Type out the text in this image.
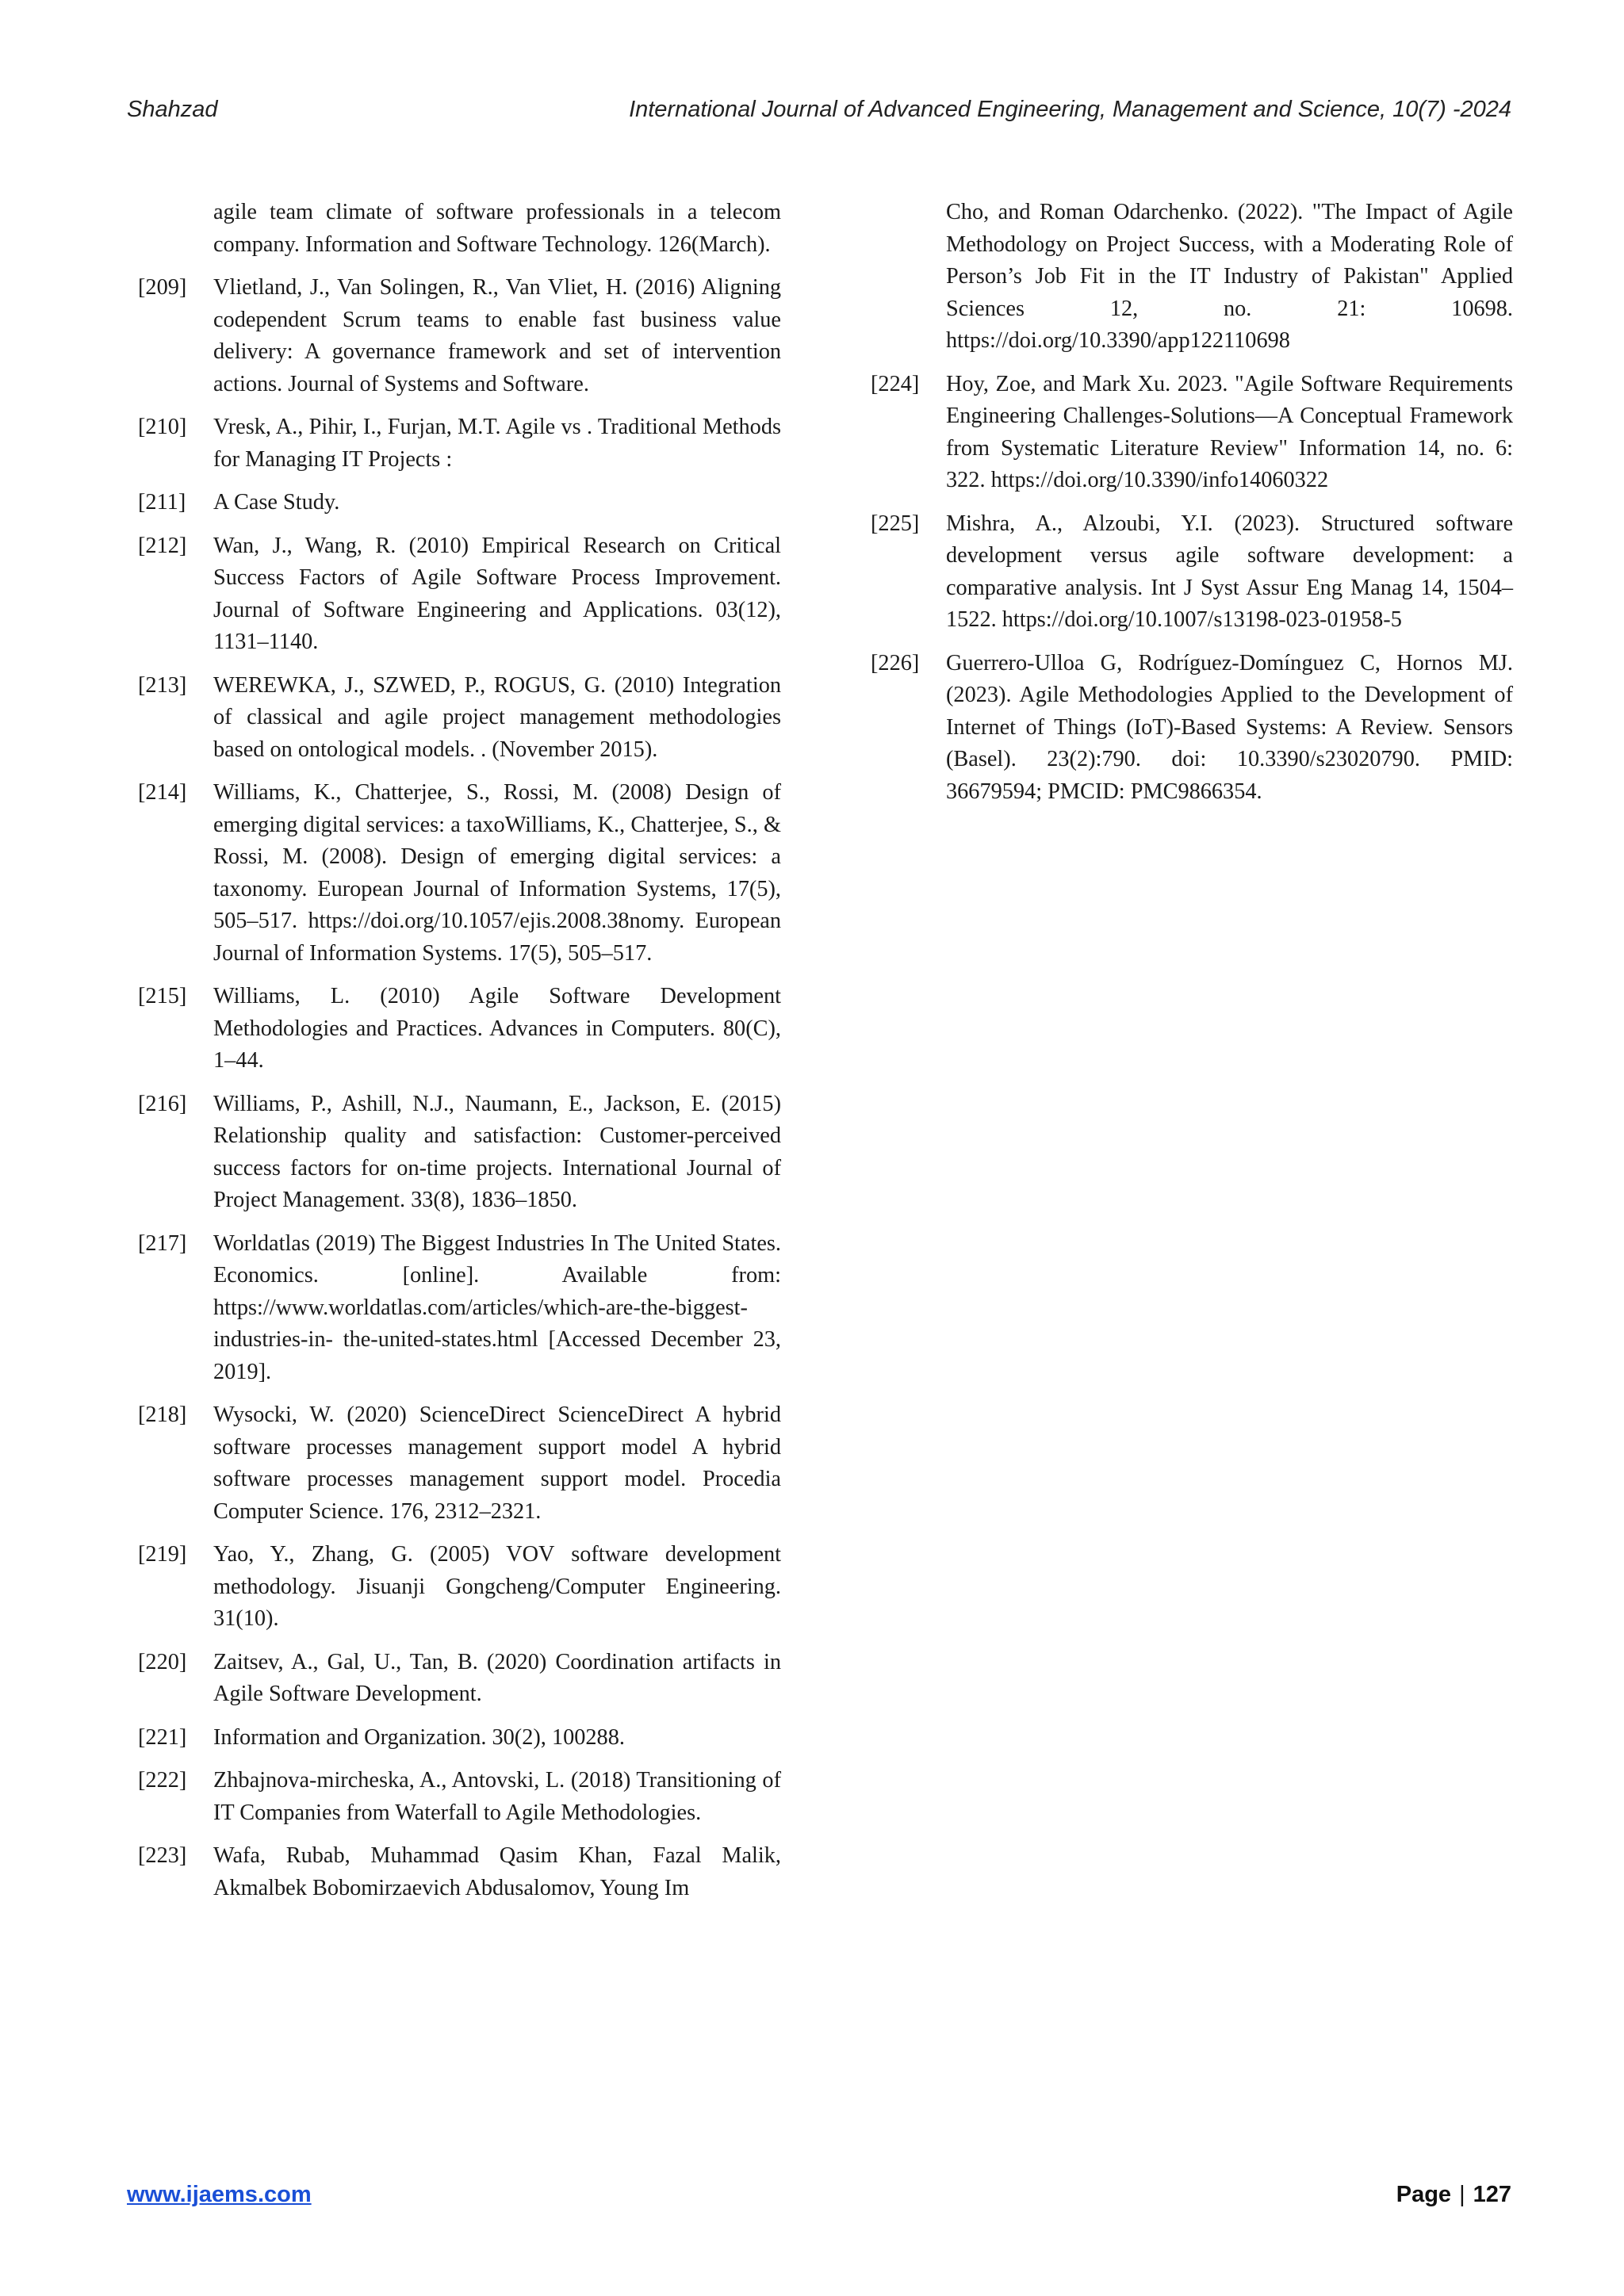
Shahzad	International Journal of Advanced Engineering, Management and Science, 10(7) -2024
agile team climate of software professionals in a telecom company. Information and Software Technology. 126(March).
[209] Vlietland, J., Van Solingen, R., Van Vliet, H. (2016) Aligning codependent Scrum teams to enable fast business value delivery: A governance framework and set of intervention actions. Journal of Systems and Software.
[210] Vresk, A., Pihir, I., Furjan, M.T. Agile vs . Traditional Methods for Managing IT Projects :
[211] A Case Study.
[212] Wan, J., Wang, R. (2010) Empirical Research on Critical Success Factors of Agile Software Process Improvement. Journal of Software Engineering and Applications. 03(12), 1131–1140.
[213] WEREWKA, J., SZWED, P., ROGUS, G. (2010) Integration of classical and agile project management methodologies based on ontological models. . (November 2015).
[214] Williams, K., Chatterjee, S., Rossi, M. (2008) Design of emerging digital services: a taxoWilliams, K., Chatterjee, S., & Rossi, M. (2008). Design of emerging digital services: a taxonomy. European Journal of Information Systems, 17(5), 505–517. https://doi.org/10.1057/ejis.2008.38nomy. European Journal of Information Systems. 17(5), 505–517.
[215] Williams, L. (2010) Agile Software Development Methodologies and Practices. Advances in Computers. 80(C), 1–44.
[216] Williams, P., Ashill, N.J., Naumann, E., Jackson, E. (2015) Relationship quality and satisfaction: Customer-perceived success factors for on-time projects. International Journal of Project Management. 33(8), 1836–1850.
[217] Worldatlas (2019) The Biggest Industries In The United States. Economics. [online]. Available from: https://www.worldatlas.com/articles/which-are-the-biggest-industries-in- the-united-states.html [Accessed December 23, 2019].
[218] Wysocki, W. (2020) ScienceDirect ScienceDirect A hybrid software processes management support model A hybrid software processes management support model. Procedia Computer Science. 176, 2312–2321.
[219] Yao, Y., Zhang, G. (2005) VOV software development methodology. Jisuanji Gongcheng/Computer Engineering. 31(10).
[220] Zaitsev, A., Gal, U., Tan, B. (2020) Coordination artifacts in Agile Software Development.
[221] Information and Organization. 30(2), 100288.
[222] Zhbajnova-mircheska, A., Antovski, L. (2018) Transitioning of IT Companies from Waterfall to Agile Methodologies.
[223] Wafa, Rubab, Muhammad Qasim Khan, Fazal Malik, Akmalbek Bobomirzaevich Abdusalomov, Young Im
Cho, and Roman Odarchenko. (2022). "The Impact of Agile Methodology on Project Success, with a Moderating Role of Person’s Job Fit in the IT Industry of Pakistan" Applied Sciences 12, no. 21: 10698. https://doi.org/10.3390/app122110698
[224] Hoy, Zoe, and Mark Xu. 2023. "Agile Software Requirements Engineering Challenges-Solutions—A Conceptual Framework from Systematic Literature Review" Information 14, no. 6: 322. https://doi.org/10.3390/info14060322
[225] Mishra, A., Alzoubi, Y.I. (2023). Structured software development versus agile software development: a comparative analysis. Int J Syst Assur Eng Manag 14, 1504–1522. https://doi.org/10.1007/s13198-023-01958-5
[226] Guerrero-Ulloa G, Rodríguez-Domínguez C, Hornos MJ. (2023). Agile Methodologies Applied to the Development of Internet of Things (IoT)-Based Systems: A Review. Sensors (Basel). 23(2):790. doi: 10.3390/s23020790. PMID: 36679594; PMCID: PMC9866354.
www.ijaems.com	Page | 127
